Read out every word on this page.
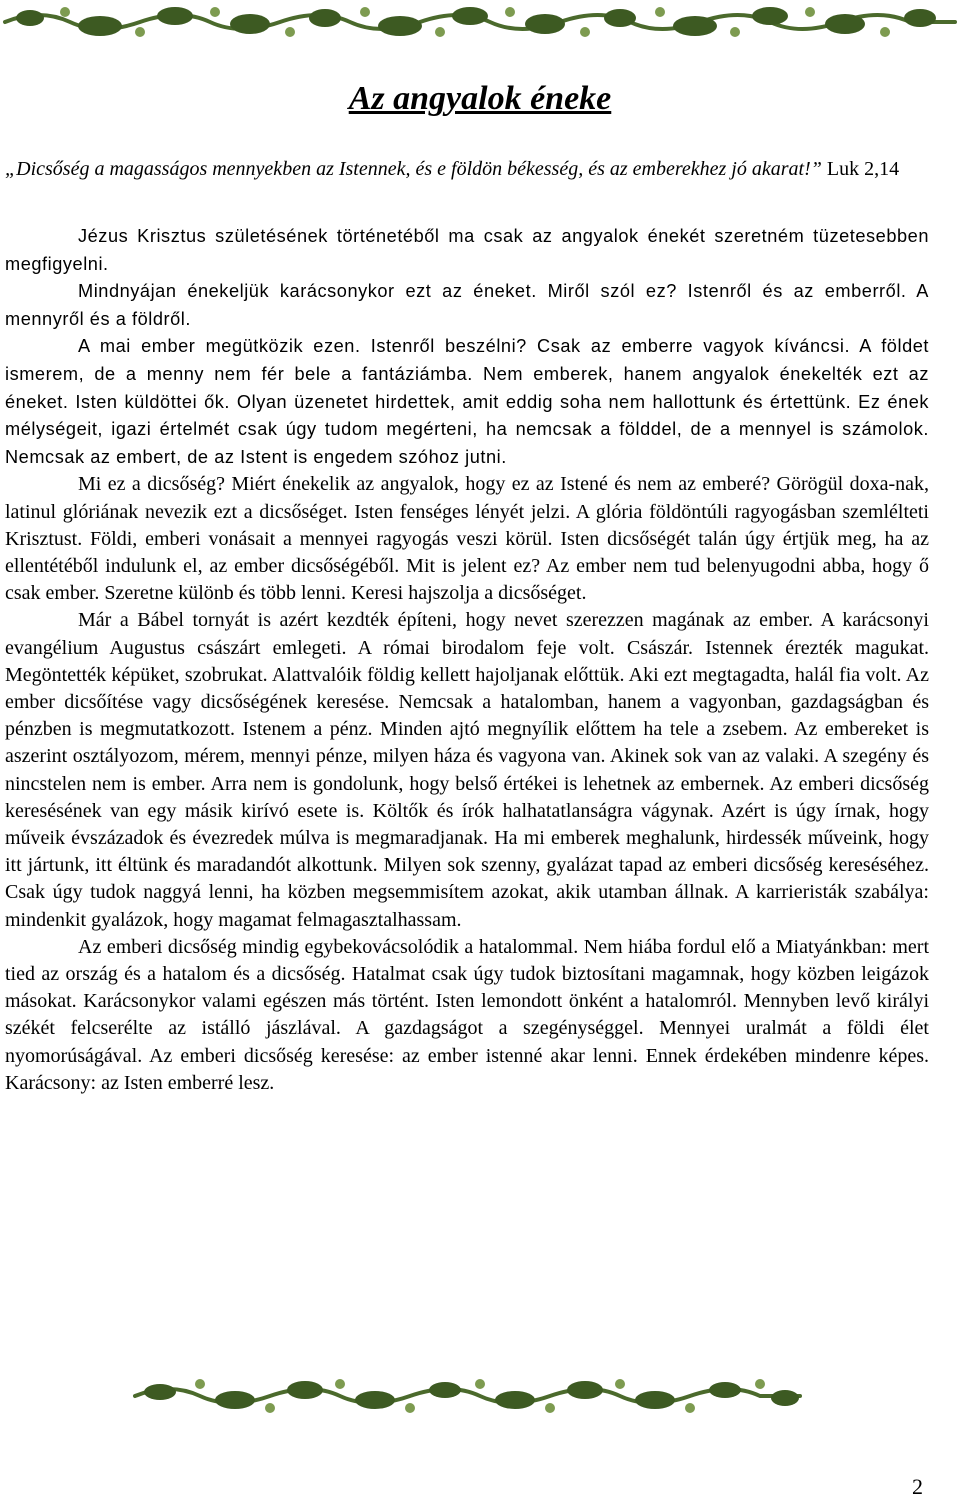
Az angyalok éneke

„Dicsőség a magasságos mennyekben az Istennek, és e földön békesség, és az emberekhez jó akarat!” Luk 2,14

Jézus Krisztus születésének történetéből ma csak az angyalok énekét szeretném tüzetesebben megfigyelni.

Mindnyájan énekeljük karácsonykor ezt az éneket. Miről szól ez? Istenről és az emberről. A mennyről és a földről.

A mai ember megütközik ezen. Istenről beszélni? Csak az emberre vagyok kíváncsi. A földet ismerem, de a menny nem fér bele a fantáziámba. Nem emberek, hanem angyalok énekelték ezt az éneket. Isten küldöttei ők. Olyan üzenetet hirdettek, amit eddig soha nem hallottunk és értettünk. Ez ének mélységeit, igazi értelmét csak úgy tudom megérteni, ha nemcsak a földdel, de a mennyel is számolok. Nemcsak az embert, de az Istent is engedem szóhoz jutni.

Mi ez a dicsőség? Miért énekelik az angyalok, hogy ez az Istené és nem az emberé? Görögül doxa-nak, latinul glóriának nevezik ezt a dicsőséget. Isten fenséges lényét jelzi. A glória földöntúli ragyogásban szemlélteti Krisztust. Földi, emberi vonásait a mennyei ragyogás veszi körül. Isten dicsőségét talán úgy értjük meg, ha az ellentétéből indulunk el, az ember dicsőségéből. Mit is jelent ez? Az ember nem tud belenyugodni abba, hogy ő csak ember. Szeretne különb és több lenni. Keresi hajszolja a dicsőséget.

Már a Bábel tornyát is azért kezdték építeni, hogy nevet szerezzen magának az ember. A karácsonyi evangélium Augustus császárt emlegeti. A római birodalom feje volt. Császár. Istennek érezték magukat. Megöntették képüket, szobrukat. Alattvalóik földig kellett hajoljanak előttük. Aki ezt megtagadta, halál fia volt. Az ember dicsőítése vagy dicsőségének keresése. Nemcsak a hatalomban, hanem a vagyonban, gazdagságban és pénzben is megmutatkozott. Istenem a pénz. Minden ajtó megnyílik előttem ha tele a zsebem. Az embereket is aszerint osztályozom, mérem, mennyi pénze, milyen háza és vagyona van. Akinek sok van az valaki. A szegény és nincstelen nem is ember. Arra nem is gondolunk, hogy belső értékei is lehetnek az embernek. Az emberi dicsőség keresésének van egy másik kirívó esete is. Költők és írók halhatatlanságra vágynak. Azért is úgy írnak, hogy műveik évszázadok és évezredek múlva is megmaradjanak. Ha mi emberek meghalunk, hirdessék műveink, hogy itt jártunk, itt éltünk és maradandót alkottunk. Milyen sok szenny, gyalázat tapad az emberi dicsőség kereséséhez. Csak úgy tudok naggyá lenni, ha közben megsemmisítem azokat, akik utamban állnak. A karrieristák szabálya: mindenkit gyalázok, hogy magamat felmagasztalhassam.

Az emberi dicsőség mindig egybekovácsolódik a hatalommal. Nem hiába fordul elő a Miatyánkban: mert tied az ország és a hatalom és a dicsőség. Hatalmat csak úgy tudok biztosítani magamnak, hogy közben leigázok másokat. Karácsonykor valami egészen más történt. Isten lemondott önként a hatalomról. Mennyben levő királyi székét felcserélte az istálló jászlával. A gazdagságot a szegénységgel. Mennyei uralmát a földi élet nyomorúságával. Az emberi dicsőség keresése: az ember istenné akar lenni. Ennek érdekében mindenre képes. Karácsony: az Isten emberré lesz.

2
